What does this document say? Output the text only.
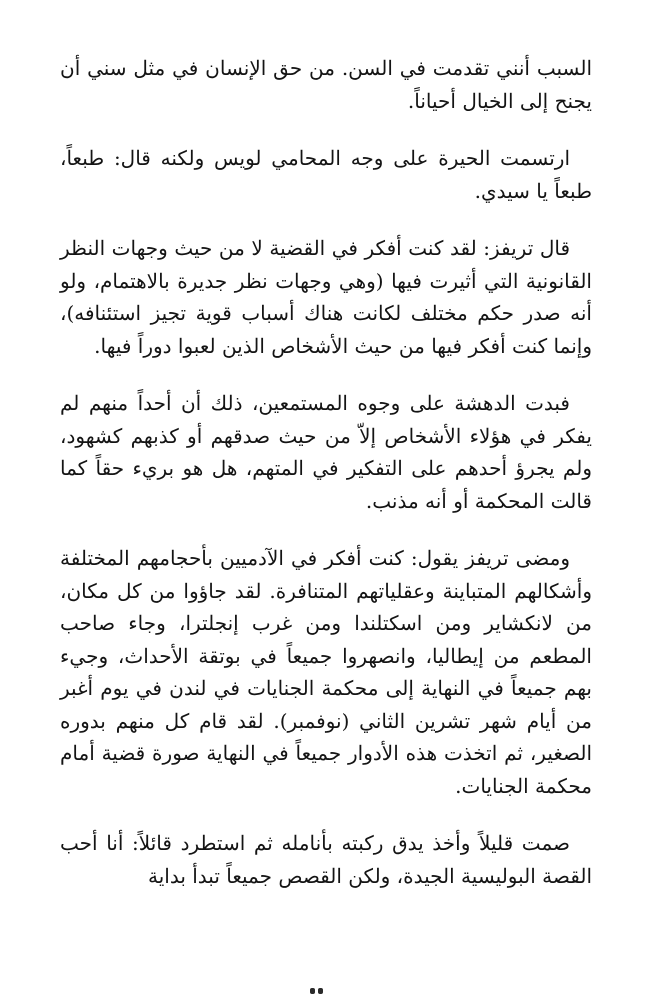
السبب أنني تقدمت في السن. من حق الإنسان في مثل سني أن يجنح إلى الخيال أحياناً.

ارتسمت الحيرة على وجه المحامي لويس ولكنه قال: طبعاً، طبعاً يا سيدي.

قال تريفز: لقد كنت أفكر في القضية لا من حيث وجهات النظر القانونية التي أثيرت فيها (وهي وجهات نظر جديرة بالاهتمام، ولو أنه صدر حكم مختلف لكانت هناك أسباب قوية تجيز استئنافه)، وإنما كنت أفكر فيها من حيث الأشخاص الذين لعبوا دوراً فيها.

فبدت الدهشة على وجوه المستمعين، ذلك أن أحداً منهم لم يفكر في هؤلاء الأشخاص إلاّ من حيث صدقهم أو كذبهم كشهود، ولم يجرؤ أحدهم على التفكير في المتهم، هل هو بريء حقاً كما قالت المحكمة أو أنه مذنب.

ومضى تريفز يقول: كنت أفكر في الآدميين بأحجامهم المختلفة وأشكالهم المتباينة وعقلياتهم المتنافرة. لقد جاؤوا من كل مكان، من لانكشاير ومن اسكتلندا ومن غرب إنجلترا، وجاء صاحب المطعم من إيطاليا، وانصهروا جميعاً في بوتقة الأحداث، وجيء بهم جميعاً في النهاية إلى محكمة الجنايات في لندن في يوم أغبر من أيام شهر تشرين الثاني (نوفمبر). لقد قام كل منهم بدوره الصغير، ثم اتخذت هذه الأدوار جميعاً في النهاية صورة قضية أمام محكمة الجنايات.

صمت قليلاً وأخذ يدق ركبته بأنامله ثم استطرد قائلاً: أنا أحب القصة البوليسية الجيدة، ولكن القصص جميعاً تبدأ بداية
